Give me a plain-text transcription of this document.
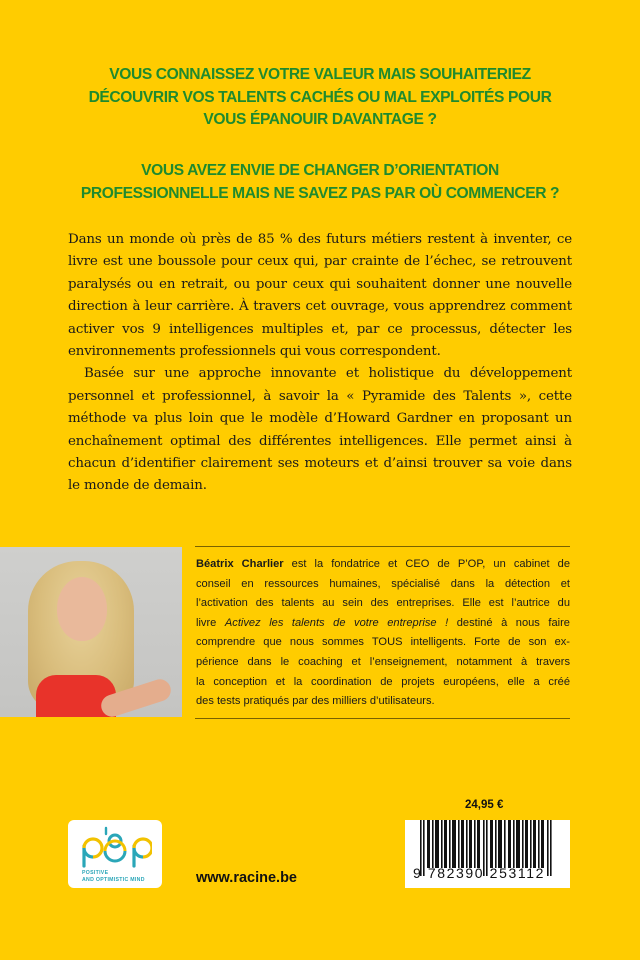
VOUS CONNAISSEZ VOTRE VALEUR MAIS SOUHAITERIEZ
DÉCOUVRIR VOS TALENTS CACHÉS OU MAL EXPLOITÉS POUR
VOUS ÉPANOUIR DAVANTAGE ?
VOUS AVEZ ENVIE DE CHANGER D’ORIENTATION
PROFESSIONNELLE MAIS NE SAVEZ PAS PAR OÙ COMMENCER ?
Dans un monde où près de 85 % des futurs métiers restent à inventer, ce
livre est une boussole pour ceux qui, par crainte de l’échec, se retrouvent
paralysés ou en retrait, ou pour ceux qui souhaitent donner une nouvelle
direction à leur carrière. À travers cet ouvrage, vous apprendrez comment
activer vos 9 intelligences multiples et, par ce processus, détecter les
environnements professionnels qui vous correspondent.
Basée sur une approche innovante et holistique du développement
personnel et professionnel, à savoir la « Pyramide des Talents », cette
méthode va plus loin que le modèle d’Howard Gardner en proposant un
enchaînement optimal des différentes intelligences. Elle permet ainsi à
chacun d’identifier clairement ses moteurs et d’ainsi trouver sa voie dans
le monde de demain.
Béatrix Charlier est la fondatrice et CEO de P’OP, un cabinet de
conseil en ressources humaines, spécialisé dans la détection et
l’activation des talents au sein des entreprises. Elle est l’autrice du
livre Activez les talents de votre entreprise ! destiné à nous faire
comprendre que nous sommes TOUS intelligents. Forte de son ex-
périence dans le coaching et l’enseignement, notamment à travers
la conception et la coordination de projets européens, elle a créé
des tests pratiqués par des milliers d’utilisateurs.
POSITIVE
AND OPTIMISTIC MIND	www.racine.be
24,95 €
9 782390 253112
